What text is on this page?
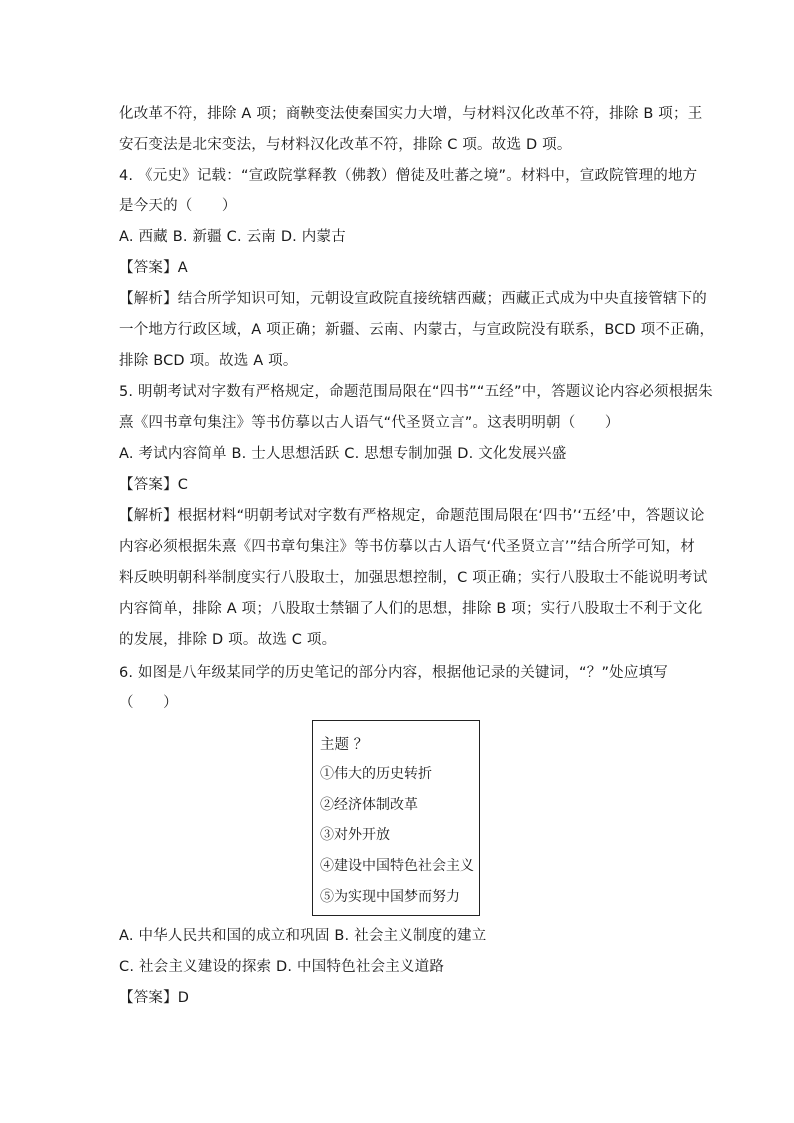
化改革不符，排除 A 项；商鞅变法使秦国实力大增，与材料汉化改革不符，排除 B 项；王
安石变法是北宋变法，与材料汉化改革不符，排除 C 项。故选 D 项。
4. 《元史》记载：“宣政院掌释教（佛教）僧徒及吐蕃之境”。材料中，宣政院管理的地方
是今天的（　　）
A. 西藏 B. 新疆 C. 云南 D. 内蒙古
【答案】A
【解析】结合所学知识可知，元朝设宣政院直接统辖西藏；西藏正式成为中央直接管辖下的
一个地方行政区域，A 项正确；新疆、云南、内蒙古，与宣政院没有联系，BCD 项不正确，
排除 BCD 项。故选 A 项。
5. 明朝考试对字数有严格规定，命题范围局限在“四书”“五经”中，答题议论内容必须根据朱
熹《四书章句集注》等书仿摹以古人语气“代圣贤立言”。这表明明朝（　　）
A. 考试内容简单 B. 士人思想活跃 C. 思想专制加强 D. 文化发展兴盛
【答案】C
【解析】根据材料“明朝考试对字数有严格规定，命题范围局限在‘四书’‘五经’中，答题议论
内容必须根据朱熹《四书章句集注》等书仿摹以古人语气‘代圣贤立言’”结合所学可知，材
料反映明朝科举制度实行八股取士，加强思想控制，C 项正确；实行八股取士不能说明考试
内容简单，排除 A 项；八股取士禁锢了人们的思想，排除 B 项；实行八股取士不利于文化
的发展，排除 D 项。故选 C 项。
6. 如图是八年级某同学的历史笔记的部分内容，根据他记录的关键词，“？”处应填写
（　　）
主题 ？
①伟大的历史转折
②经济体制改革
③对外开放
④建设中国特色社会主义
⑤为实现中国梦而努力
A. 中华人民共和国的成立和巩固 B. 社会主义制度的建立
C. 社会主义建设的探索 D. 中国特色社会主义道路
【答案】D
